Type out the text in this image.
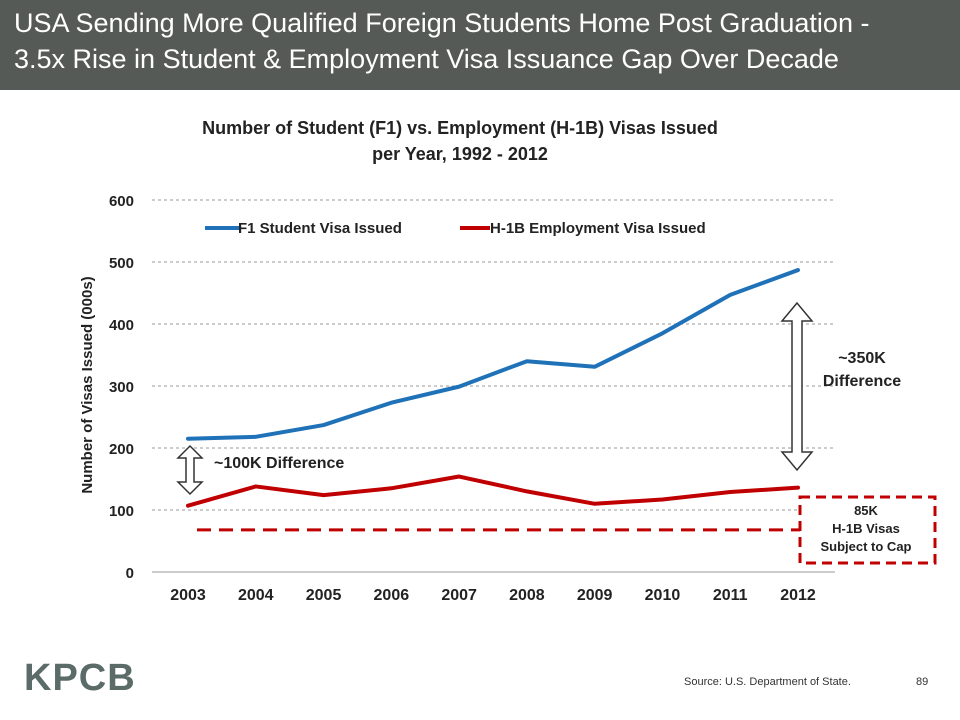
USA Sending More Qualified Foreign Students Home Post Graduation -
3.5x Rise in Student & Employment Visa Issuance Gap Over Decade
Number of Student (F1) vs. Employment (H-1B) Visas Issued
per Year, 1992 - 2012
0
100
200
300
400
500
600
2003 2004 2005 2006 2007 2008 2009 2010 2011 2012
Number of Visas Issued (000s)
F1 Student Visa Issued	H-1B Employment Visa Issued
~100K Difference
~350K
Difference
85K
H-1B Visas
Subject to Cap
KPCB	Source: U.S. Department of State.	89
